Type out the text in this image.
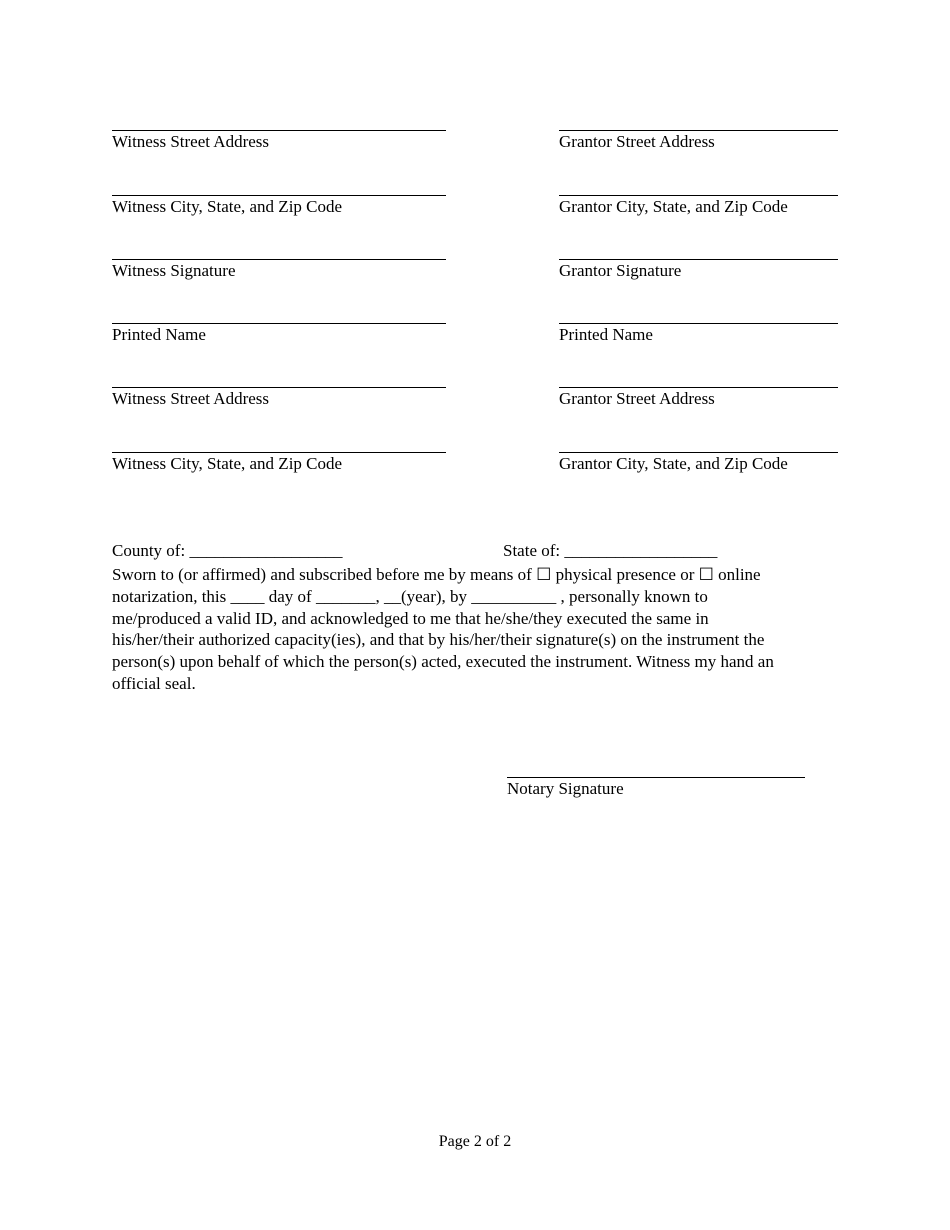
Witness Street Address
Witness City, State, and Zip Code
Witness Signature
Printed Name
Witness Street Address
Witness City, State, and Zip Code
Grantor Street Address
Grantor City, State, and Zip Code
Grantor Signature
Printed Name
Grantor Street Address
Grantor City, State, and Zip Code
County of: __________________	State of: __________________
Sworn to (or affirmed) and subscribed before me by means of ☐ physical presence or ☐ online
notarization, this ____ day of _______, __(year), by __________ , personally known to
me/produced a valid ID, and acknowledged to me that he/she/they executed the same in
his/her/their authorized capacity(ies), and that by his/her/their signature(s) on the instrument the
person(s) upon behalf of which the person(s) acted, executed the instrument. Witness my hand an
official seal.
Notary Signature
Page 2 of 2
